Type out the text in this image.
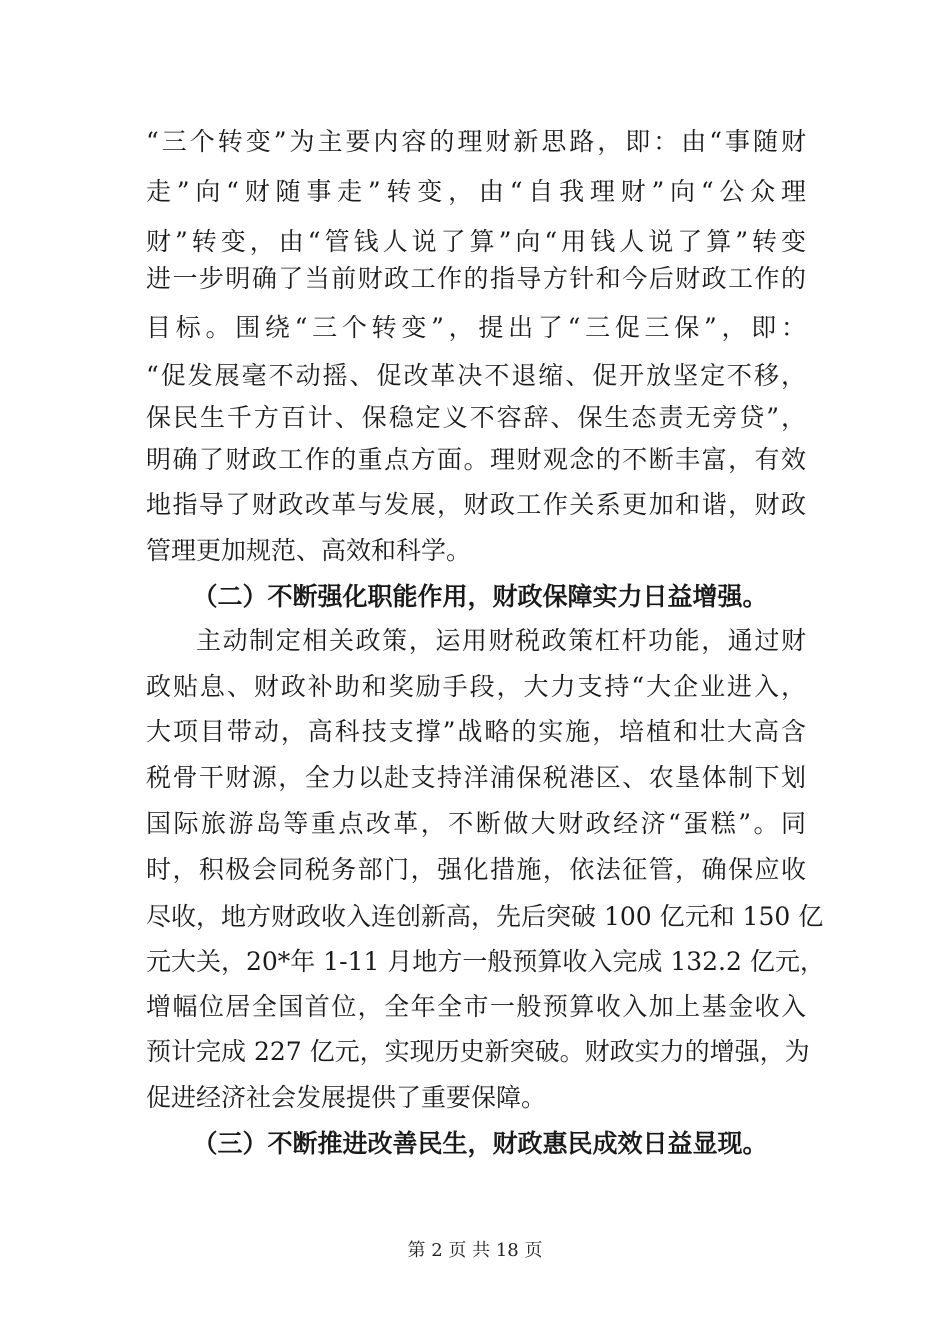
“三个转变”为主要内容的理财新思路，即：由“事随财
走”向“财随事走”转变，由“自我理财”向“公众理
财”转变，由“管钱人说了算”向“用钱人说了算”转变
进一步明确了当前财政工作的指导方针和今后财政工作的
目标。围绕“三个转变”，提出了“三促三保”，即：
“促发展毫不动摇、促改革决不退缩、促开放坚定不移，
保民生千方百计、保稳定义不容辞、保生态责无旁贷”，
明确了财政工作的重点方面。理财观念的不断丰富，有效
地指导了财政改革与发展，财政工作关系更加和谐，财政
管理更加规范、高效和科学。
（二）不断强化职能作用，财政保障实力日益增强。
主动制定相关政策，运用财税政策杠杆功能，通过财
政贴息、财政补助和奖励手段，大力支持“大企业进入，
大项目带动，高科技支撑”战略的实施，培植和壮大高含
税骨干财源，全力以赴支持洋浦保税港区、农垦体制下划
国际旅游岛等重点改革，不断做大财政经济“蛋糕”。同
时，积极会同税务部门，强化措施，依法征管，确保应收
尽收，地方财政收入连创新高，先后突破 100 亿元和 150 亿
元大关，20*年 1-11 月地方一般预算收入完成 132.2 亿元，
增幅位居全国首位，全年全市一般预算收入加上基金收入
预计完成 227 亿元，实现历史新突破。财政实力的增强，为
促进经济社会发展提供了重要保障。
（三）不断推进改善民生，财政惠民成效日益显现。
第 2 页 共 18 页
